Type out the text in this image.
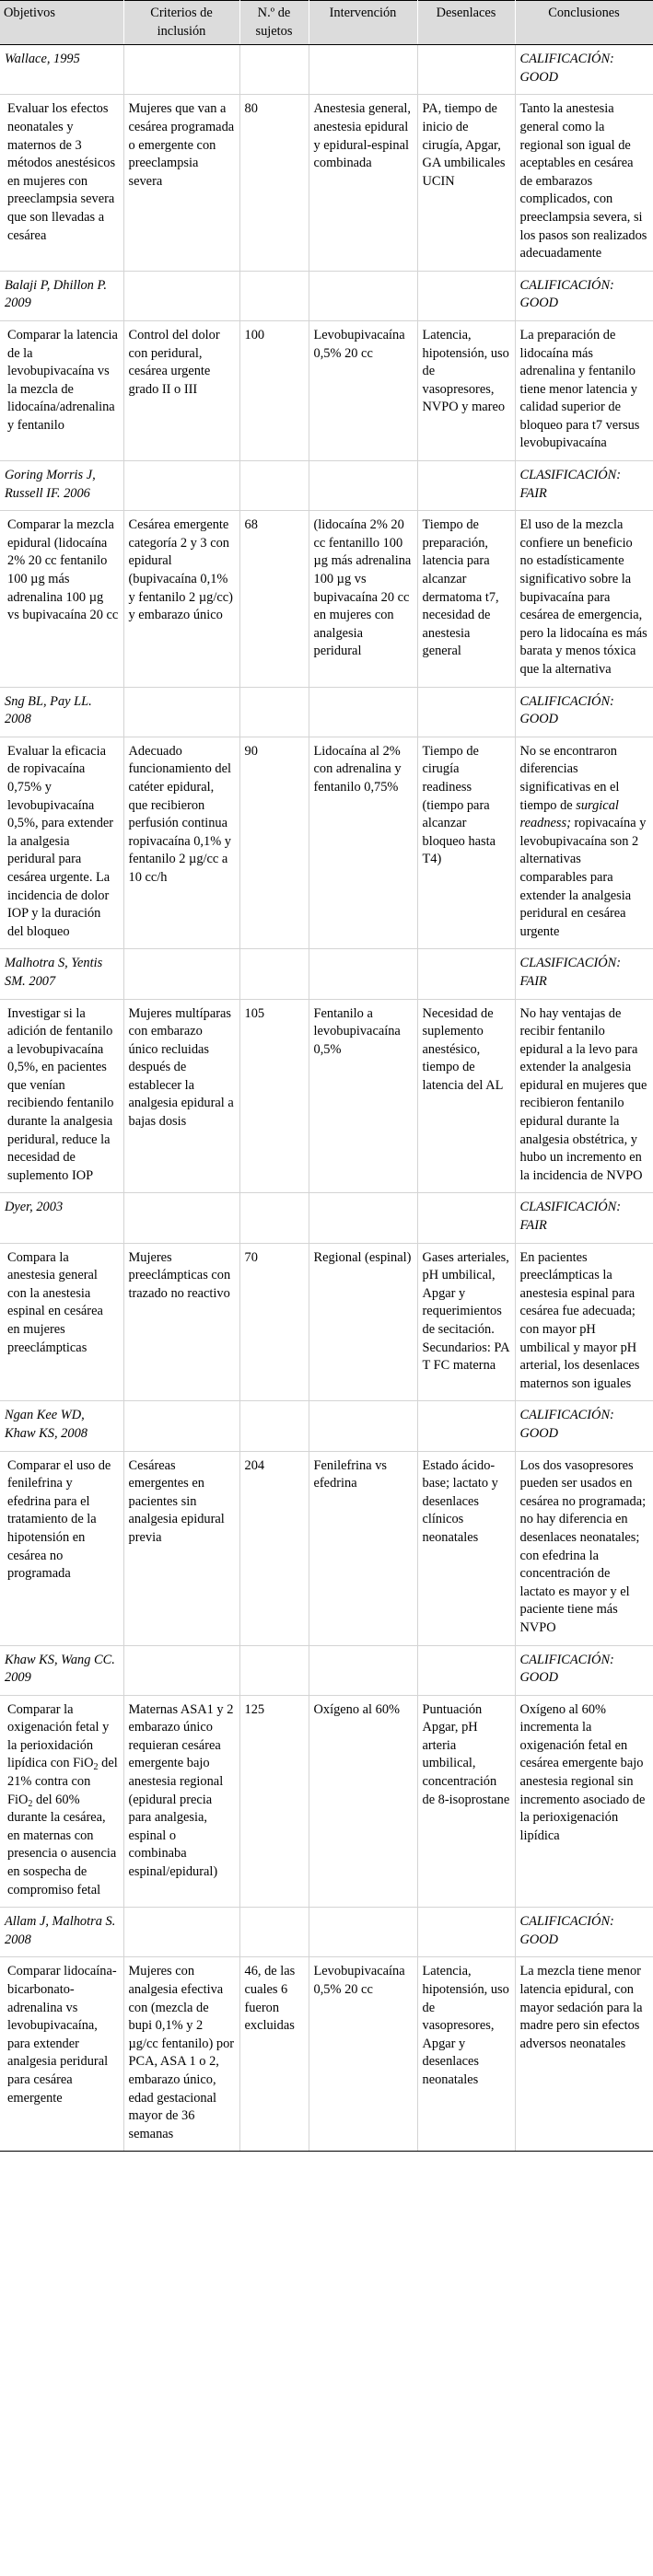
Objetivos	Criterios de inclusión	N.º de sujetos	Intervención	Desenlaces	Conclusiones
Wallace, 1995					CALIFICACIÓN: GOOD
Evaluar los efectos neonatales y maternos de 3 métodos anestésicos en mujeres con preeclampsia severa que son llevadas a cesárea	Mujeres que van a cesárea programada o emergente con preeclampsia severa	80	Anestesia general, anestesia epidural y epidural-espinal combinada	PA, tiempo de inicio de cirugía, Apgar, GA umbilicales UCIN	Tanto la anestesia general como la regional son igual de aceptables en cesárea de embarazos complicados, con preeclampsia severa, si los pasos son realizados adecuadamente
Balaji P, Dhillon P. 2009					CALIFICACIÓN: GOOD
Comparar la latencia de la levobupivacaína vs la mezcla de lidocaína/adrenalina y fentanilo	Control del dolor con peridural, cesárea urgente grado II o III	100	Levobupivacaína 0,5% 20 cc	Latencia, hipotensión, uso de vasopresores, NVPO y mareo	La preparación de lidocaína más adrenalina y fentanilo tiene menor latencia y calidad superior de bloqueo para t7 versus levobupivacaína
Goring Morris J, Russell IF. 2006					CLASIFICACIÓN: FAIR
Comparar la mezcla epidural (lidocaína 2% 20 cc fentanilo 100 µg más adrenalina 100 µg vs bupivacaína 20 cc	Cesárea emergente categoría 2 y 3 con epidural (bupivacaína 0,1% y fentanilo 2 µg/cc) y embarazo único	68	(lidocaína 2% 20 cc fentanillo 100 µg más adrenalina 100 µg vs bupivacaína 20 cc en mujeres con analgesia peridural	Tiempo de preparación, latencia para alcanzar dermatoma t7, necesidad de anestesia general	El uso de la mezcla confiere un beneficio no estadísticamente significativo sobre la bupivacaína para cesárea de emergencia, pero la lidocaína es más barata y menos tóxica que la alternativa
Sng BL, Pay LL. 2008					CALIFICACIÓN: GOOD
Evaluar la eficacia de ropivacaína 0,75% y levobupivacaína 0,5%, para extender la analgesia peridural para cesárea urgente. La incidencia de dolor IOP y la duración del bloqueo	Adecuado funcionamiento del catéter epidural, que recibieron perfusión continua ropivacaína 0,1% y fentanilo 2 µg/cc a 10 cc/h	90	Lidocaína al 2% con adrenalina y fentanilo 0,75%	Tiempo de cirugía readiness (tiempo para alcanzar bloqueo hasta T4)	No se encontraron diferencias significativas en el tiempo de surgical readness; ropivacaína y levobupivacaína son 2 alternativas comparables para extender la analgesia peridural en cesárea urgente
Malhotra S, Yentis SM. 2007					CLASIFICACIÓN: FAIR
Investigar si la adición de fentanilo a levobupivacaína 0,5%, en pacientes que venían recibiendo fentanilo durante la analgesia peridural, reduce la necesidad de suplemento IOP	Mujeres multíparas con embarazo único recluidas después de establecer la analgesia epidural a bajas dosis	105	Fentanilo a levobupivacaína 0,5%	Necesidad de suplemento anestésico, tiempo de latencia del AL	No hay ventajas de recibir fentanilo epidural a la levo para extender la analgesia epidural en mujeres que recibieron fentanilo epidural durante la analgesia obstétrica, y hubo un incremento en la incidencia de NVPO
Dyer, 2003					CLASIFICACIÓN: FAIR
Compara la anestesia general con la anestesia espinal en cesárea en mujeres preeclámpticas	Mujeres preeclámpticas con trazado no reactivo	70	Regional (espinal)	Gases arteriales, pH umbilical, Apgar y requerimientos de secitación. Secundarios: PA T FC materna	En pacientes preeclámpticas la anestesia espinal para cesárea fue adecuada; con mayor pH umbilical y mayor pH arterial, los desenlaces maternos son iguales
Ngan Kee WD, Khaw KS, 2008					CALIFICACIÓN: GOOD
Comparar el uso de fenilefrina y efedrina para el tratamiento de la hipotensión en cesárea no programada	Cesáreas emergentes en pacientes sin analgesia epidural previa	204	Fenilefrina vs efedrina	Estado ácido-base; lactato y desenlaces clínicos neonatales	Los dos vasopresores pueden ser usados en cesárea no programada; no hay diferencia en desenlaces neonatales; con efedrina la concentración de lactato es mayor y el paciente tiene más NVPO
Khaw KS, Wang CC. 2009					CALIFICACIÓN: GOOD
Comparar la oxigenación fetal y la perioxidación lipídica con FiO$_2$ del 21% contra con FiO$_2$ del 60% durante la cesárea, en maternas con presencia o ausencia en sospecha de compromiso fetal	Maternas ASA1 y 2 embarazo único requieran cesárea emergente bajo anestesia regional (epidural precia para analgesia, espinal o combinaba espinal/epidural)	125	Oxígeno al 60%	Puntuación Apgar, pH arteria umbilical, concentración de 8-isoprostane	Oxígeno al 60% incrementa la oxigenación fetal en cesárea emergente bajo anestesia regional sin incremento asociado de la perioxigenación lipídica
Allam J, Malhotra S. 2008					CALIFICACIÓN: GOOD
Comparar lidocaína-bicarbonato-adrenalina vs levobupivacaína, para extender analgesia peridural para cesárea emergente	Mujeres con analgesia efectiva con (mezcla de bupi 0,1% y 2 µg/cc fentanilo) por PCA, ASA 1 o 2, embarazo único, edad gestacional mayor de 36 semanas	46, de las cuales 6 fueron excluidas	Levobupivacaína 0,5% 20 cc	Latencia, hipotensión, uso de vasopresores, Apgar y desenlaces neonatales	La mezcla tiene menor latencia epidural, con mayor sedación para la madre pero sin efectos adversos neonatales
